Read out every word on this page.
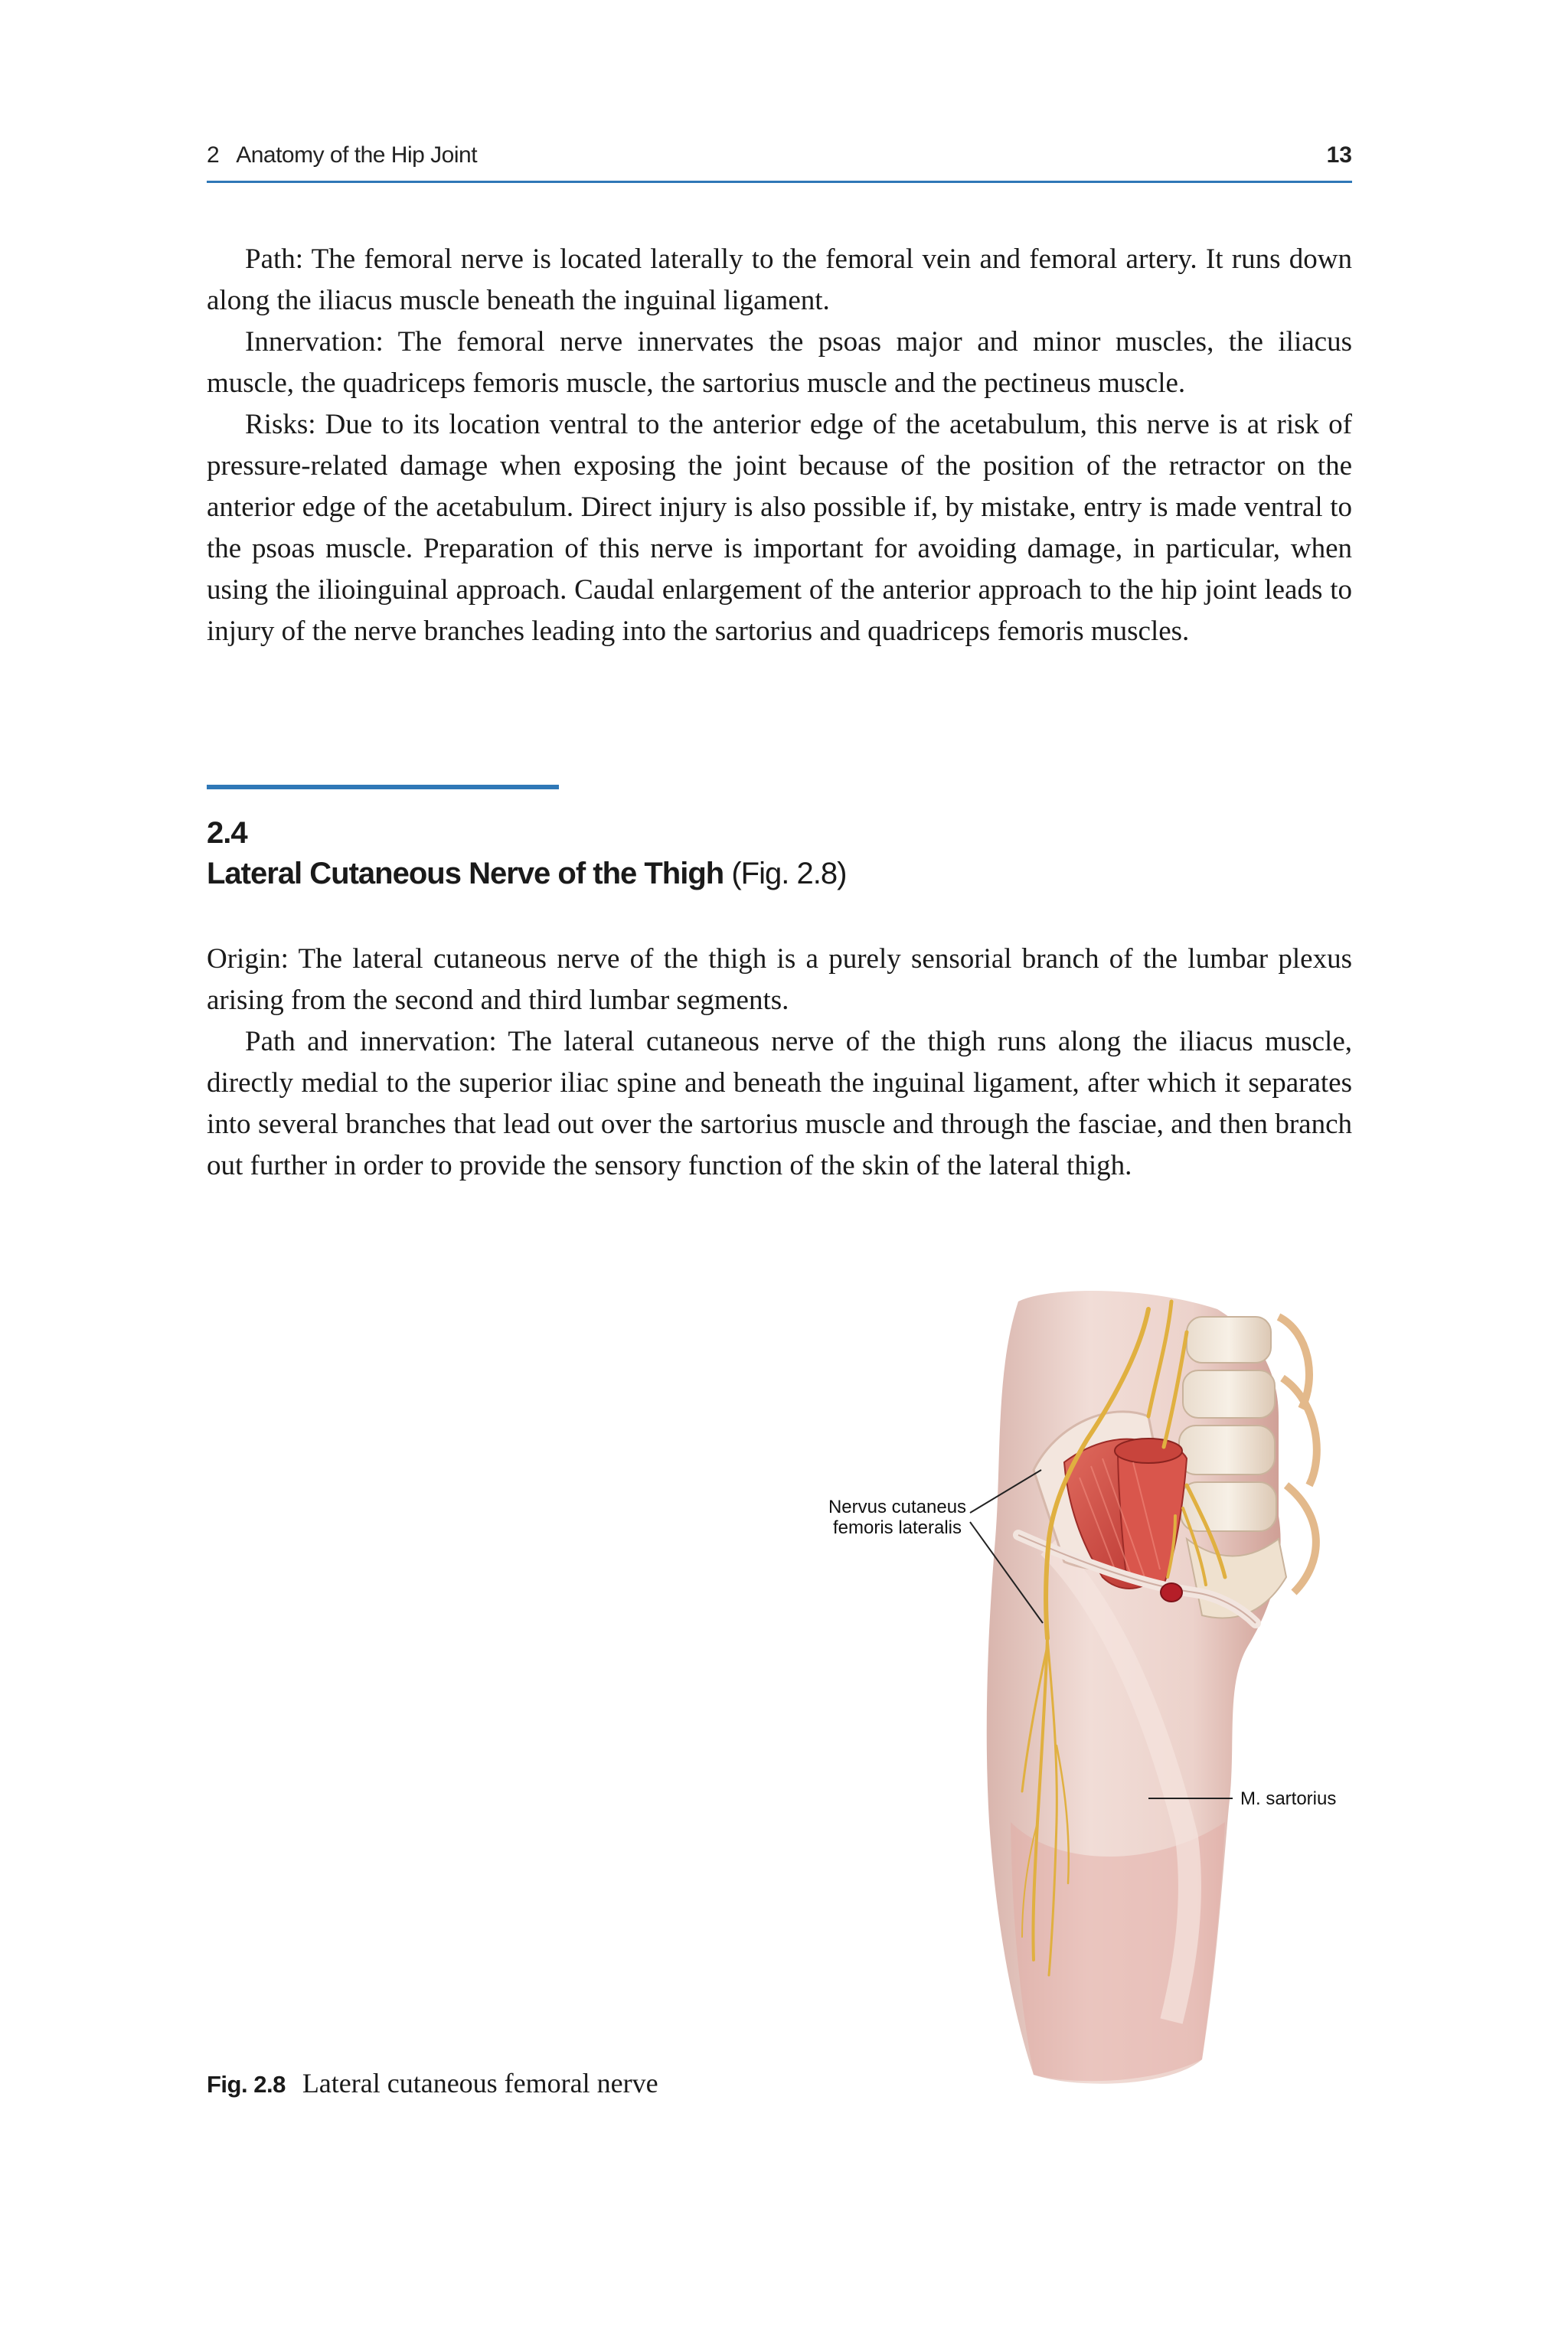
2 Anatomy of the Hip Joint	13

Path: The femoral nerve is located laterally to the femoral vein and femoral artery. It runs down along the iliacus muscle beneath the inguinal ligament.

Innervation: The femoral nerve innervates the psoas major and minor muscles, the iliacus muscle, the quadriceps femoris muscle, the sartorius muscle and the pectineus muscle.

Risks: Due to its location ventral to the anterior edge of the acetabulum, this nerve is at risk of pressure-related damage when exposing the joint because of the position of the retractor on the anterior edge of the acetabulum. Direct injury is also possible if, by mistake, entry is made ventral to the psoas muscle. Preparation of this nerve is important for avoiding damage, in particular, when using the ilioinguinal approach. Caudal enlargement of the anterior approach to the hip joint leads to injury of the nerve branches leading into the sartorius and quadriceps femoris muscles.

2.4
Lateral Cutaneous Nerve of the Thigh (Fig. 2.8)

Origin: The lateral cutaneous nerve of the thigh is a purely sensorial branch of the lumbar plexus arising from the second and third lumbar segments.

Path and innervation: The lateral cutaneous nerve of the thigh runs along the iliacus muscle, directly medial to the superior iliac spine and beneath the inguinal ligament, after which it separates into several branches that lead out over the sartorius muscle and through the fasciae, and then branch out further in order to provide the sensory function of the skin of the lateral thigh.

Nervus cutaneus
femoris lateralis
M. sartorius
Fig. 2.8 Lateral cutaneous femoral nerve
